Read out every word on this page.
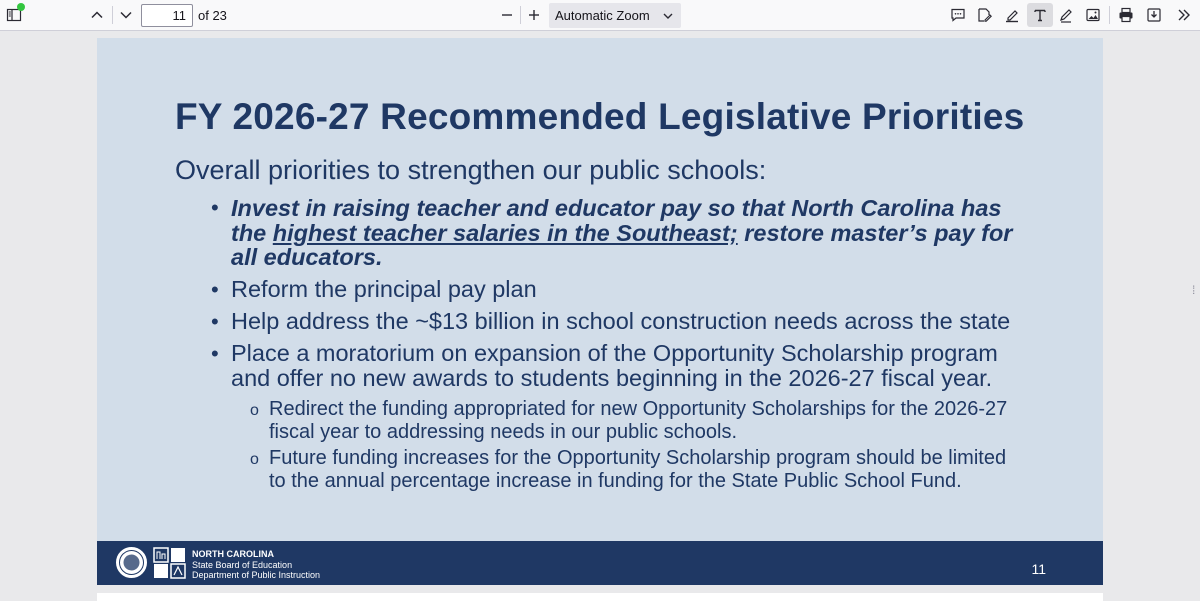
11 of 23	Automatic Zoom
FY 2026-27 Recommended Legislative Priorities
Overall priorities to strengthen our public schools:
• Invest in raising teacher and educator pay so that North Carolina has
the highest teacher salaries in the Southeast; restore master’s pay for
all educators.
• Reform the principal pay plan
• Help address the ~$13 billion in school construction needs across the state
• Place a moratorium on expansion of the Opportunity Scholarship program
and offer no new awards to students beginning in the 2026-27 fiscal year.
o Redirect the funding appropriated for new Opportunity Scholarships for the 2026-27
fiscal year to addressing needs in our public schools.
o Future funding increases for the Opportunity Scholarship program should be limited
to the annual percentage increase in funding for the State Public School Fund.
NORTH CAROLINA
State Board of Education
Department of Public Instruction	11
⁞
